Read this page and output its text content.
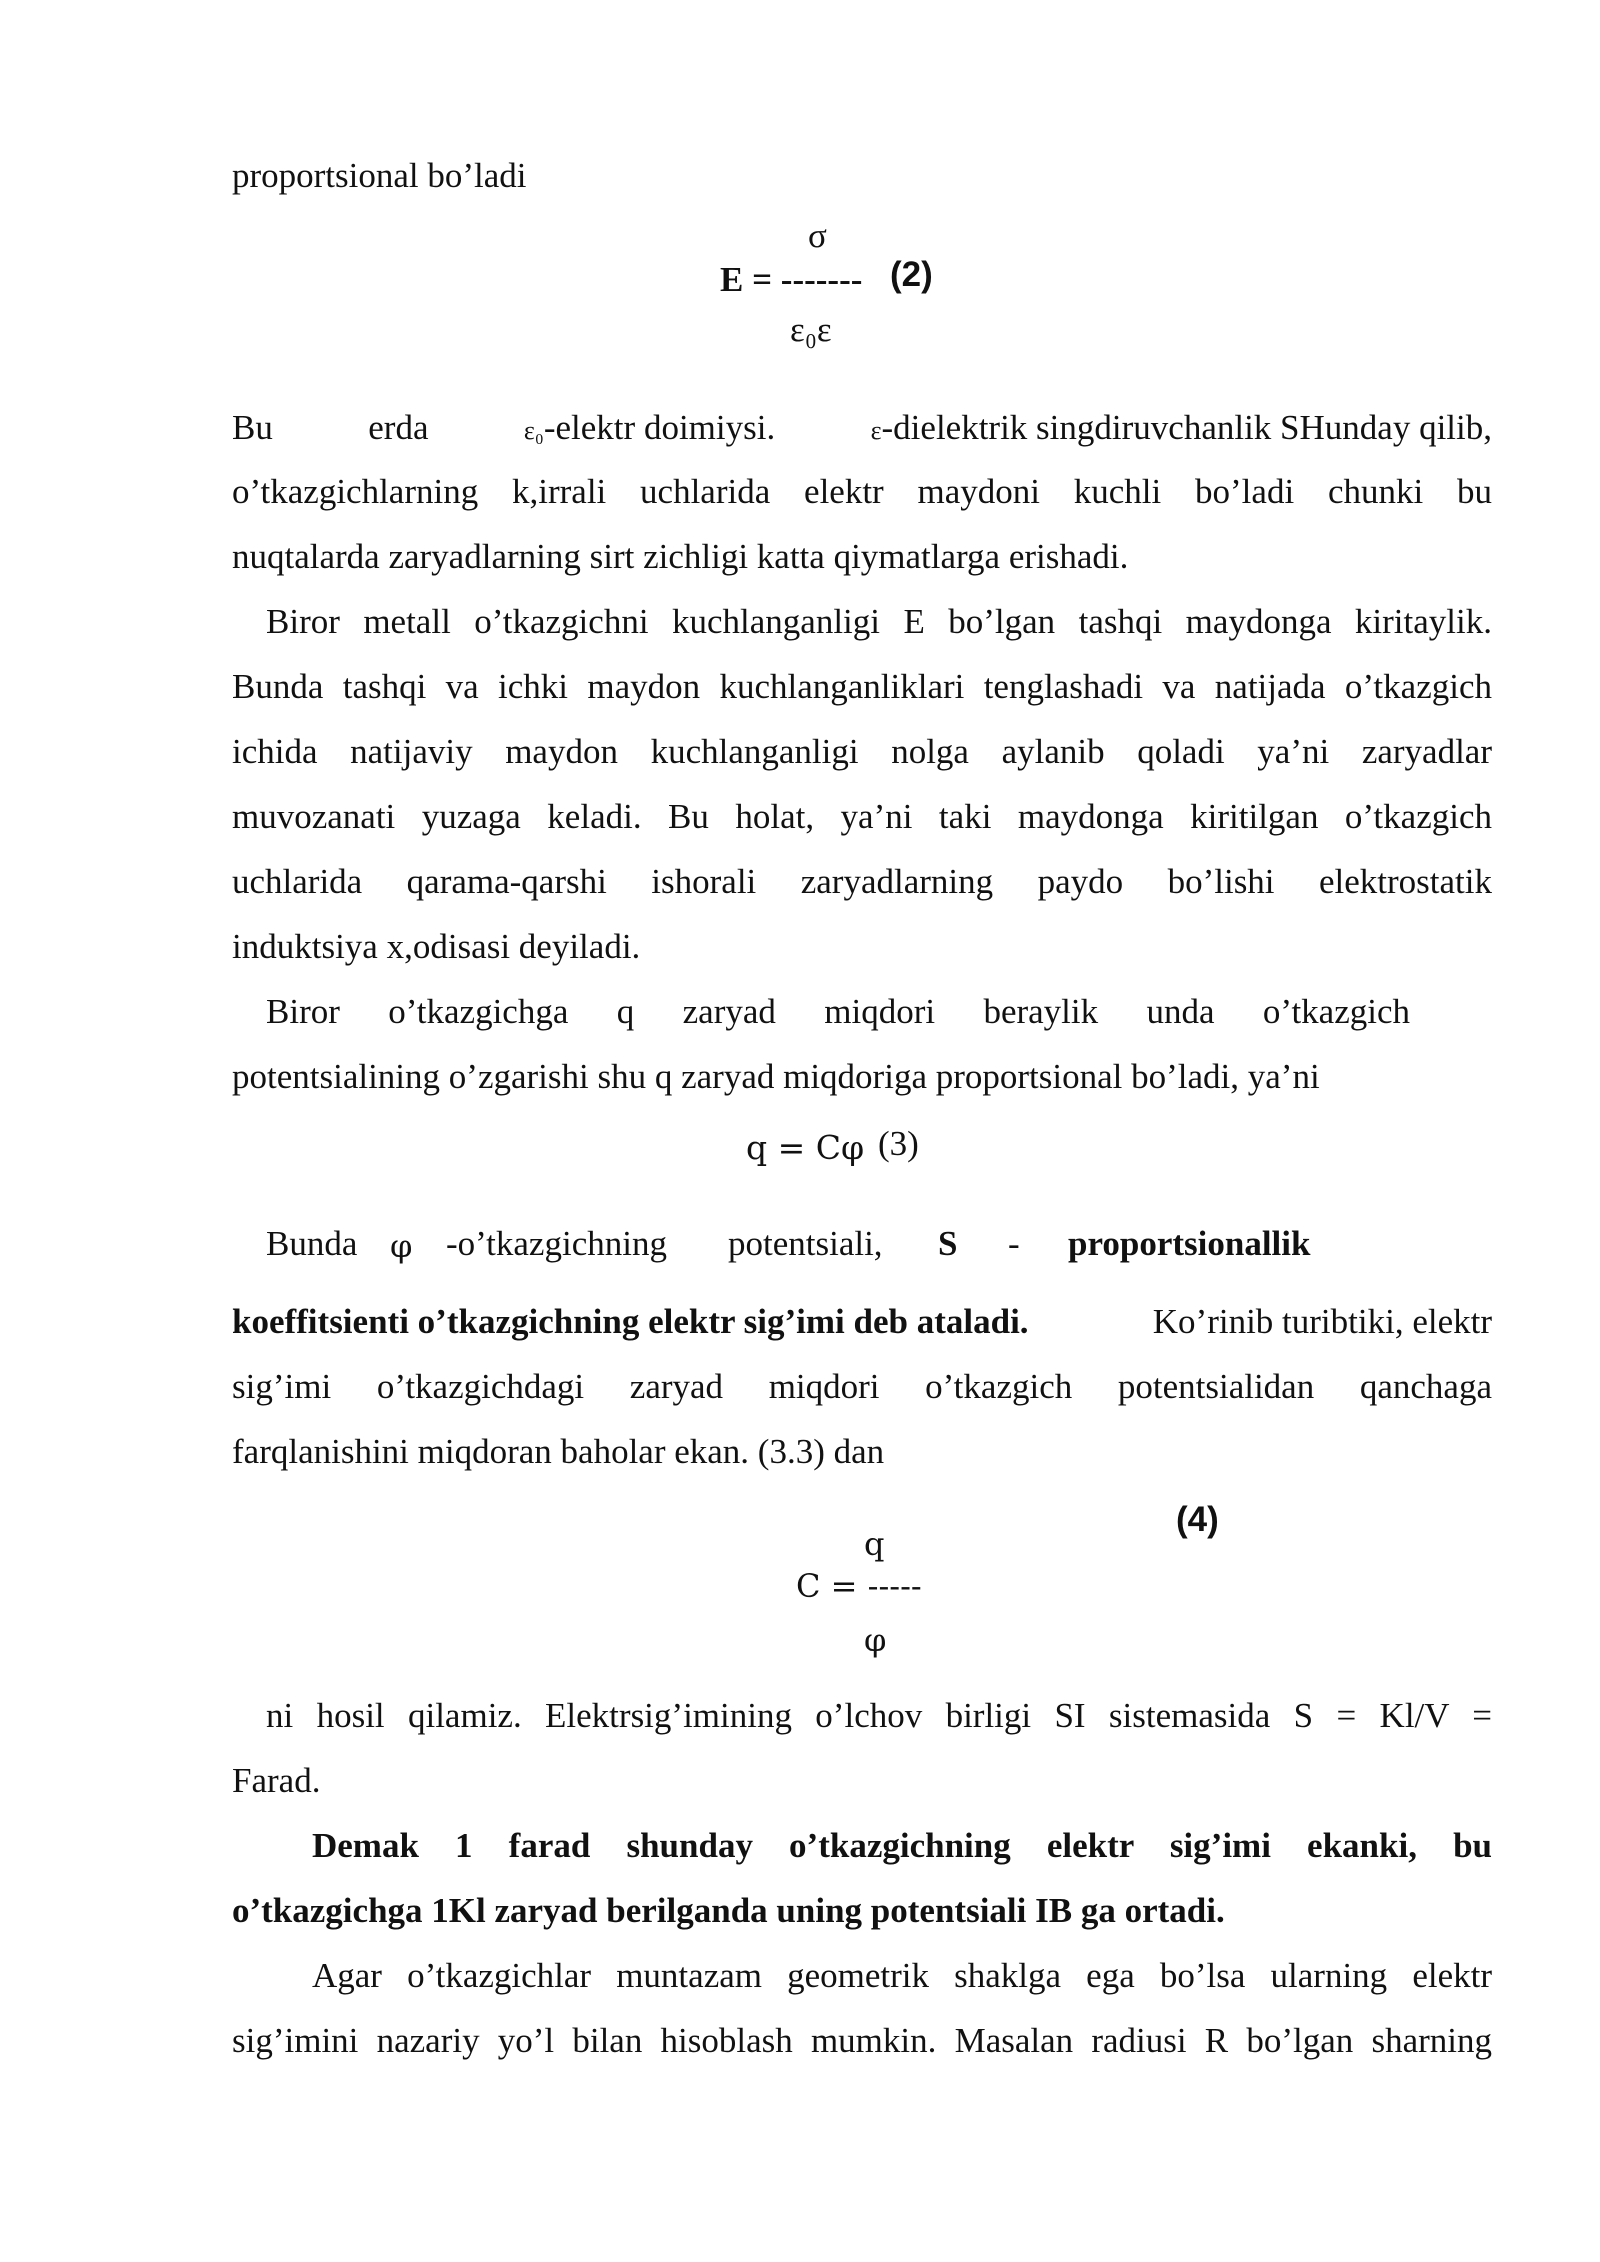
proportsional bo’ladi
σ
E = ------- (2)
ε₀ε
Bu	erda	ε₀-elektr doimiysi.	ε-dielektrik singdiruvchanlik SHunday qilib,
o’tkazgichlarning k,irrali uchlarida elektr maydoni kuchli bo’ladi chunki bu
nuqtalarda zaryadlarning sirt zichligi katta qiymatlarga erishadi.
Biror metall o’tkazgichni kuchlanganligi E bo’lgan tashqi maydonga kiritaylik.
Bunda tashqi va ichki maydon kuchlanganliklari tenglashadi va natijada o’tkazgich
ichida natijaviy maydon kuchlanganligi nolga aylanib qoladi ya’ni zaryadlar
muvozanati yuzaga keladi. Bu holat, ya’ni taki maydonga kiritilgan o’tkazgich
uchlarida qarama-qarshi ishorali zaryadlarning paydo bo’lishi elektrostatik
induktsiya x,odisasi deyiladi.
Biror o’tkazgichga q zaryad miqdori beraylik unda o’tkazgich
potentsialining o’zgarishi shu q zaryad miqdoriga proportsional bo’ladi, ya’ni
q = Cφ (3)
Bunda φ -o’tkazgichning potentsiali, S - proportsionallik
koeffitsienti o’tkazgichning elektr sig’imi deb ataladi.	Ko’rinib turibtiki, elektr
sig’imi o’tkazgichdagi zaryad miqdori o’tkazgich potentsialidan qanchaga
farqlanishini miqdoran baholar ekan. (3.3) dan
(4)
q
C = -----
φ
ni hosil qilamiz. Elektrsig’imining o’lchov birligi SI sistemasida S = Kl/V =
Farad.
Demak 1 farad shunday o’tkazgichning elektr sig’imi ekanki, bu
o’tkazgichga 1Kl zaryad berilganda uning potentsiali IB ga ortadi.
Agar o’tkazgichlar muntazam geometrik shaklga ega bo’lsa ularning elektr
sig’imini nazariy yo’l bilan hisoblash mumkin. Masalan radiusi R bo’lgan sharning
